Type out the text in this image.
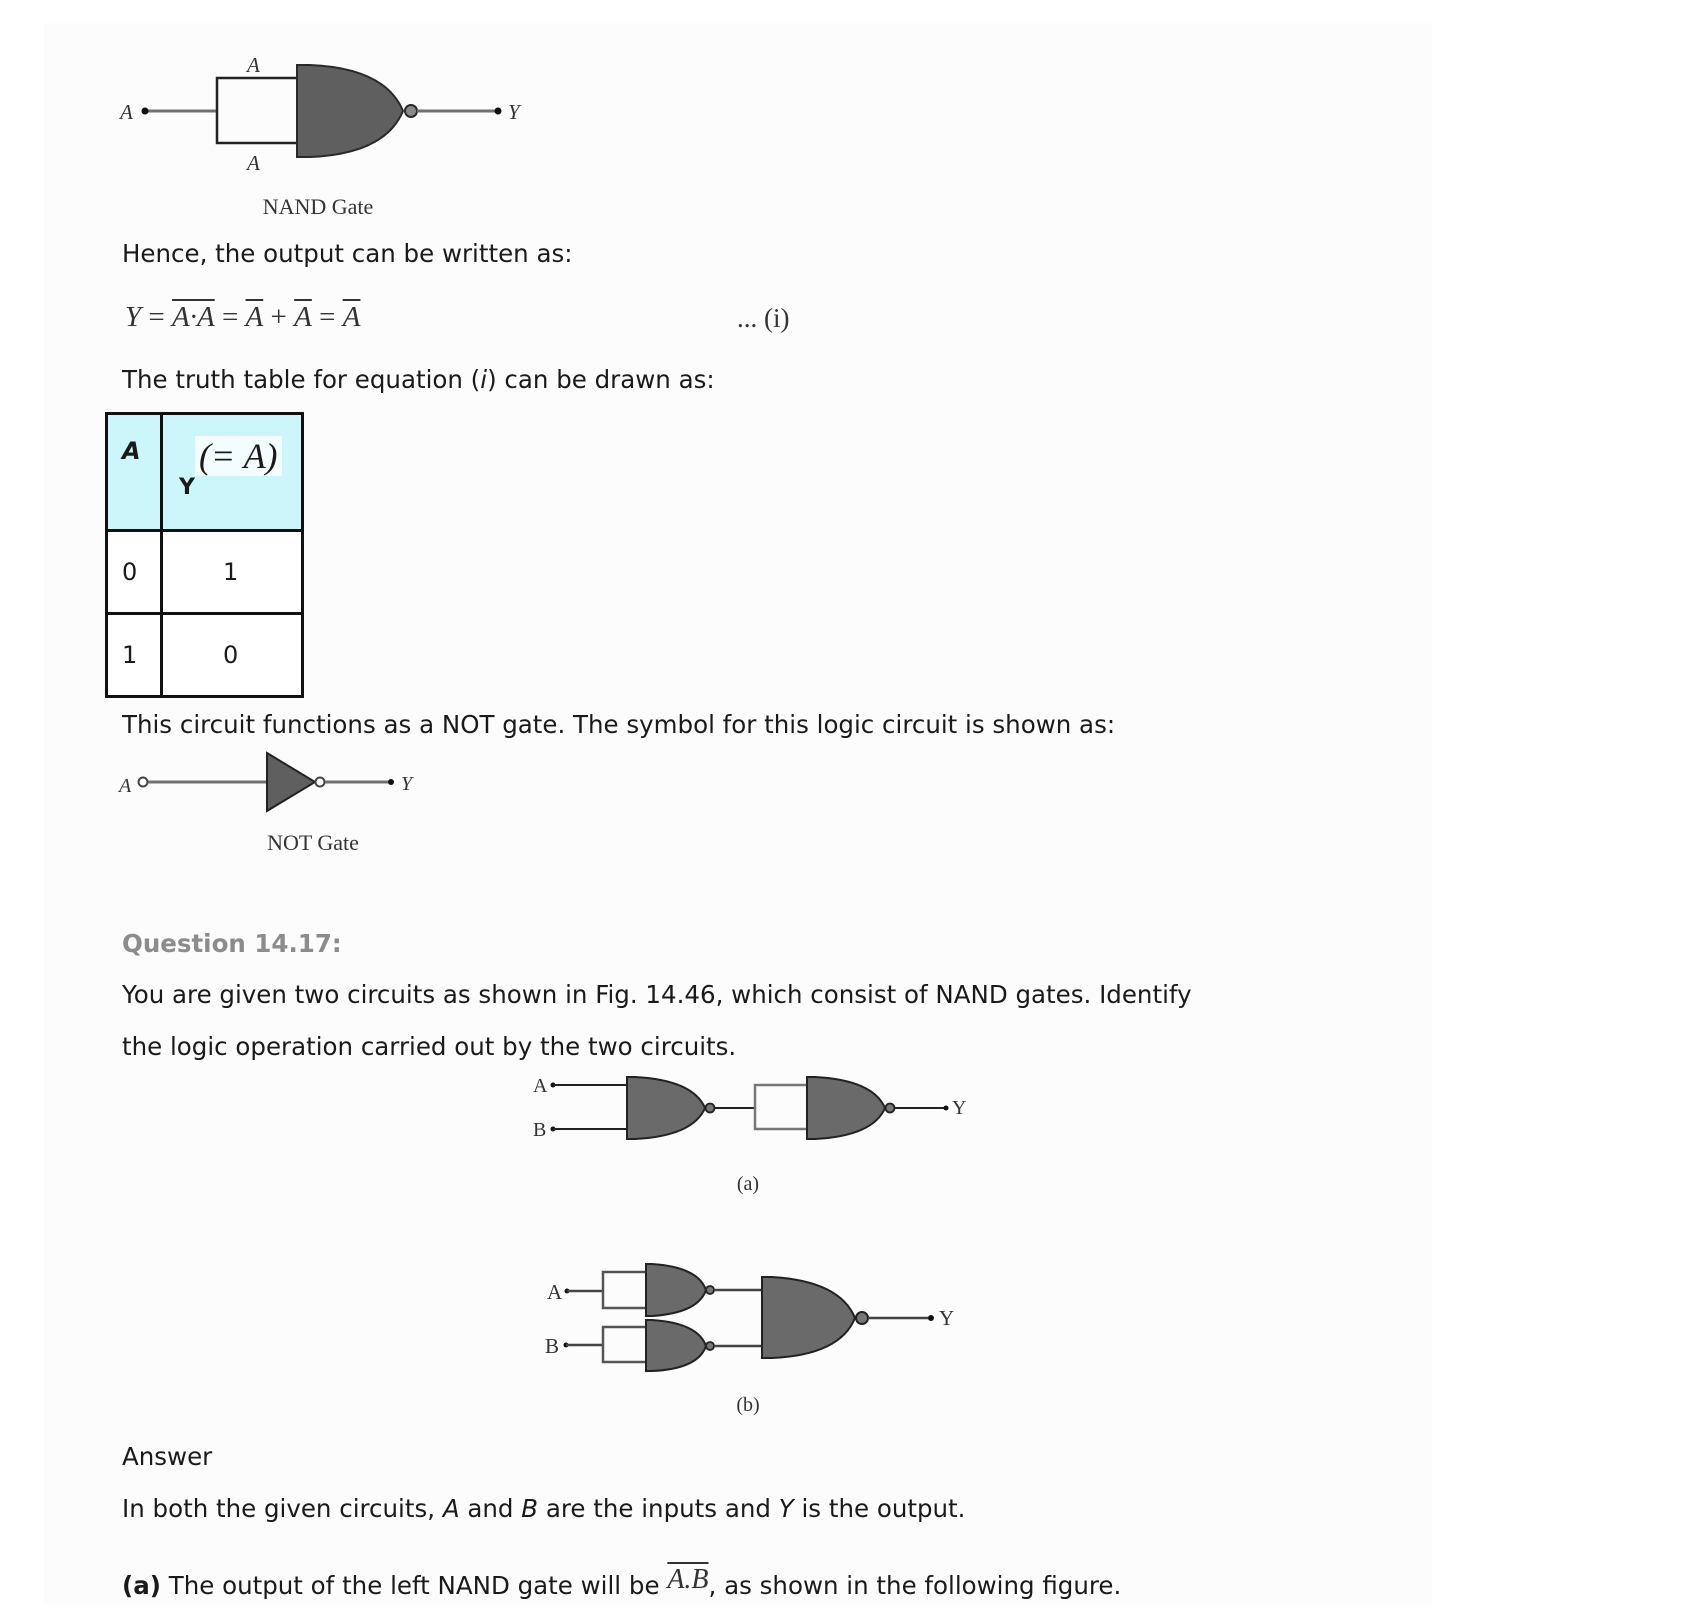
A
A
A
Y
NAND Gate
Hence, the output can be written as:
$Y = A\cdot A = \overline{A} + \overline{A} = \overline{A}$	... (i)
The truth table for equation (i) can be drawn as:
A	Y(= A)

0	1

1	0
This circuit functions as a NOT gate. The symbol for this logic circuit is shown as:
A	Y
NOT Gate
Question 14.17:
You are given two circuits as shown in Fig. 14.46, which consist of NAND gates. Identify
the logic operation carried out by the two circuits.
A
B
Y
(a)
A
B
Y
(b)
Answer
In both the given circuits, A and B are the inputs and Y is the output.
(a) The output of the left NAND gate will be A.B, as shown in the following figure.
